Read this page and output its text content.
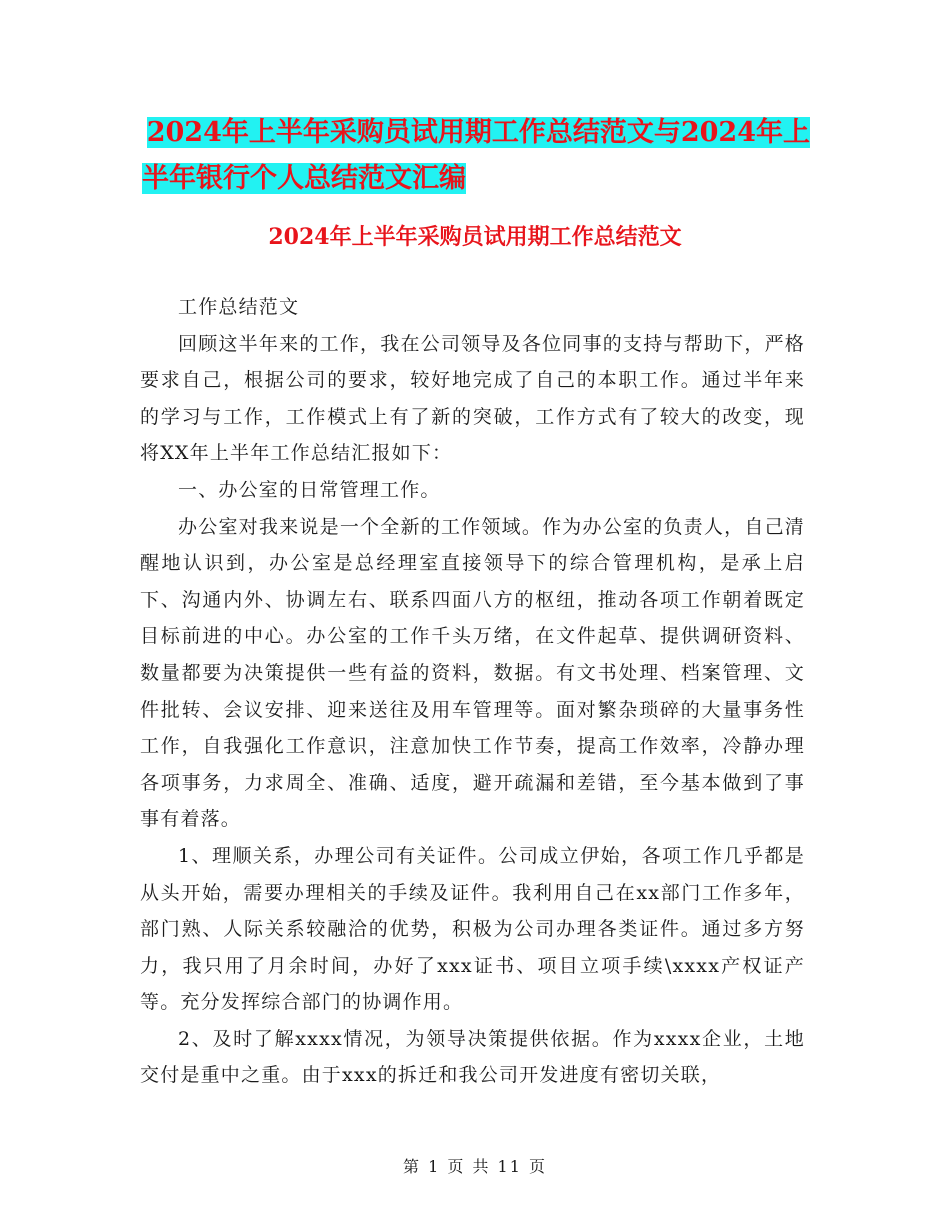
2024年上半年采购员试用期工作总结范文与2024年上
半年银行个人总结范文汇编
2024年上半年采购员试用期工作总结范文

工作总结范文

回顾这半年来的工作，我在公司领导及各位同事的支持与帮助下，严格要求自己，根据公司的要求，较好地完成了自己的本职工作。通过半年来的学习与工作，工作模式上有了新的突破，工作方式有了较大的改变，现将XX年上半年工作总结汇报如下：

一、办公室的日常管理工作。

办公室对我来说是一个全新的工作领域。作为办公室的负责人，自己清醒地认识到，办公室是总经理室直接领导下的综合管理机构，是承上启下、沟通内外、协调左右、联系四面八方的枢纽，推动各项工作朝着既定目标前进的中心。办公室的工作千头万绪，在文件起草、提供调研资料、数量都要为决策提供一些有益的资料，数据。有文书处理、档案管理、文件批转、会议安排、迎来送往及用车管理等。面对繁杂琐碎的大量事务性工作，自我强化工作意识，注意加快工作节奏，提高工作效率，冷静办理各项事务，力求周全、准确、适度，避开疏漏和差错，至今基本做到了事事有着落。

1、理顺关系，办理公司有关证件。公司成立伊始，各项工作几乎都是从头开始，需要办理相关的手续及证件。我利用自己在xx部门工作多年，部门熟、人际关系较融洽的优势，积极为公司办理各类证件。通过多方努力，我只用了月余时间，办好了xxx证书、项目立项手续\xxxx产权证产等。充分发挥综合部门的协调作用。

2、及时了解xxxx情况，为领导决策提供依据。作为xxxx企业，土地交付是重中之重。由于xxx的拆迁和我公司开发进度有密切关联，

第 1 页 共 11 页
